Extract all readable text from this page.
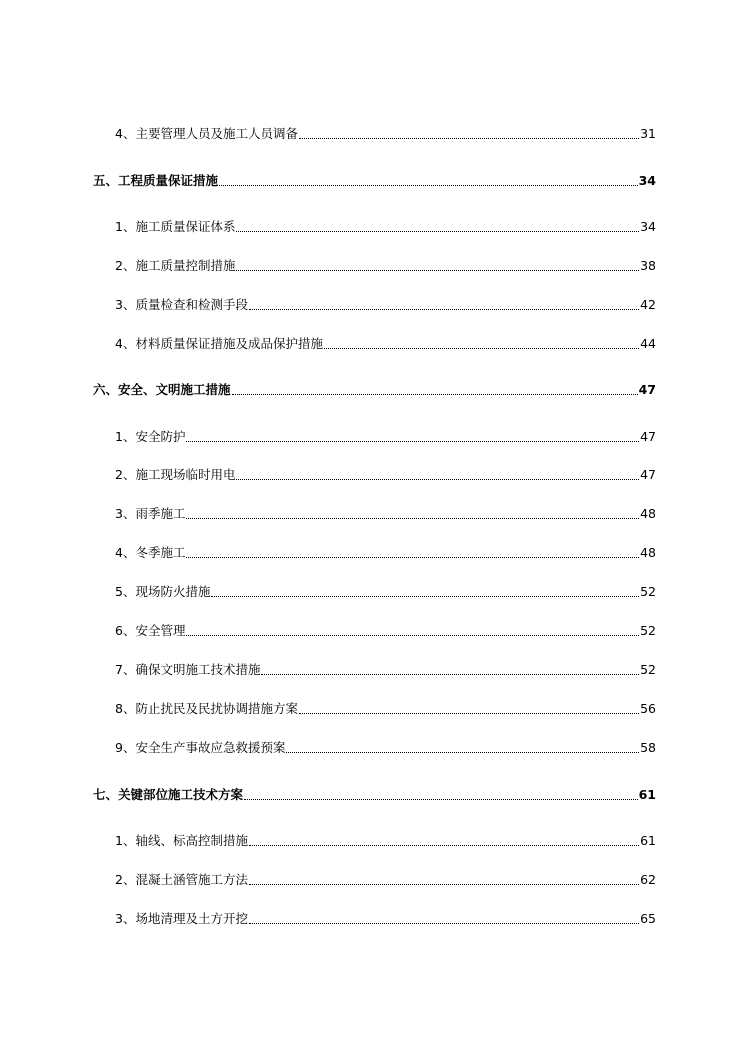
4、主要管理人员及施工人员调备	31
五、工程质量保证措施	34
1、施工质量保证体系	34
2、施工质量控制措施	38
3、质量检查和检测手段	42
4、材料质量保证措施及成品保护措施	44
六、安全、文明施工措施	47
1、安全防护	47
2、施工现场临时用电	47
3、雨季施工	48
4、冬季施工	48
5、现场防火措施	52
6、安全管理	52
7、确保文明施工技术措施	52
8、防止扰民及民扰协调措施方案	56
9、安全生产事故应急救援预案	58
七、关键部位施工技术方案	61
1、轴线、标高控制措施	61
2、混凝土涵管施工方法	62
3、场地清理及土方开挖	65
